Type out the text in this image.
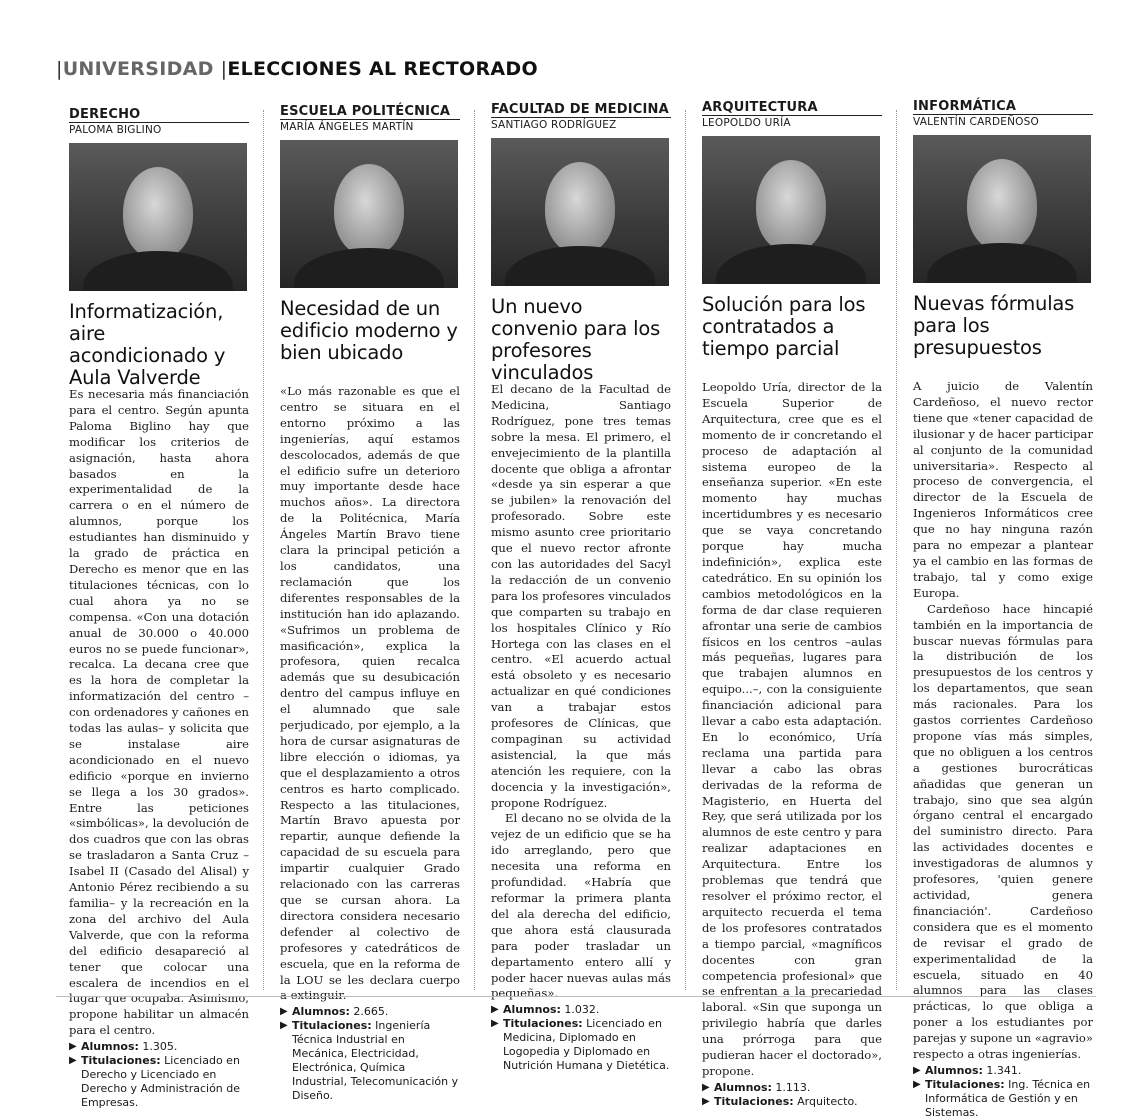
|UNIVERSIDAD |ELECCIONES AL RECTORADO
DERECHO
PALOMA BIGLINO
Informatización, aire acondicionado y Aula Valverde

Es necesaria más financiación para el centro. Según apunta Paloma Biglino hay que modificar los criterios de asignación, hasta ahora basados en la experimentalidad de la carrera o en el número de alumnos, porque los estudiantes han disminuido y la grado de práctica en Derecho es menor que en las titulaciones técnicas, con lo cual ahora ya no se compensa. «Con una dotación anual de 30.000 o 40.000 euros no se puede funcionar», recalca. La decana cree que es la hora de completar la informatización del centro –con ordenadores y cañones en todas las aulas– y solicita que se instalase aire acondicionado en el nuevo edificio «porque en invierno se llega a los 30 grados». Entre las peticiones «simbólicas», la devolución de dos cuadros que con las obras se trasladaron a Santa Cruz –Isabel II (Casado del Alisal) y Antonio Pérez recibiendo a su familia– y la recreación en la zona del archivo del Aula Valverde, que con la reforma del edificio desapareció al tener que colocar una escalera de incendios en el lugar que ocupaba. Asimismo, propone habilitar un almacén para el centro.

▶ Alumnos: 1.305.
▶ Titulaciones: Licenciado en Derecho y Licenciado en Derecho y Administración de Empresas.
ESCUELA POLITÉCNICA
MARÍA ÁNGELES MARTÍN
Necesidad de un edificio moderno y bien ubicado

«Lo más razonable es que el centro se situara en el entorno próximo a las ingenierías, aquí estamos descolocados, además de que el edificio sufre un deterioro muy importante desde hace muchos años». La directora de la Politécnica, María Ángeles Martín Bravo tiene clara la principal petición a los candidatos, una reclamación que los diferentes responsables de la institución han ido aplazando. «Sufrimos un problema de masificación», explica la profesora, quien recalca además que su desubicación dentro del campus influye en el alumnado que sale perjudicado, por ejemplo, a la hora de cursar asignaturas de libre elección o idiomas, ya que el desplazamiento a otros centros es harto complicado. Respecto a las titulaciones, Martín Bravo apuesta por repartir, aunque defiende la capacidad de su escuela para impartir cualquier Grado relacionado con las carreras que se cursan ahora. La directora considera necesario defender al colectivo de profesores y catedráticos de escuela, que en la reforma de la LOU se les declara cuerpo a extinguir.

▶ Alumnos: 2.665.
▶ Titulaciones: Ingeniería Técnica Industrial en Mecánica, Electricidad, Electrónica, Química Industrial, Telecomunicación y Diseño.
FACULTAD DE MEDICINA
SANTIAGO RODRÍGUEZ
Un nuevo convenio para los profesores vinculados

El decano de la Facultad de Medicina, Santiago Rodríguez, pone tres temas sobre la mesa. El primero, el envejecimiento de la plantilla docente que obliga a afrontar «desde ya sin esperar a que se jubilen» la renovación del profesorado. Sobre este mismo asunto cree prioritario que el nuevo rector afronte con las autoridades del Sacyl la redacción de un convenio para los profesores vinculados que comparten su trabajo en los hospitales Clínico y Río Hortega con las clases en el centro. «El acuerdo actual está obsoleto y es necesario actualizar en qué condiciones van a trabajar estos profesores de Clínicas, que compaginan su actividad asistencial, la que más atención les requiere, con la docencia y la investigación», propone Rodríguez.

El decano no se olvida de la vejez de un edificio que se ha ido arreglando, pero que necesita una reforma en profundidad. «Habría que reformar la primera planta del ala derecha del edificio, que ahora está clausurada para poder trasladar un departamento entero allí y poder hacer nuevas aulas más pequeñas».

▶ Alumnos: 1.032.
▶ Titulaciones: Licenciado en Medicina, Diplomado en Logopedia y Diplomado en Nutrición Humana y Dietética.
ARQUITECTURA
LEOPOLDO URÍA
Solución para los contratados a tiempo parcial

Leopoldo Uría, director de la Escuela Superior de Arquitectura, cree que es el momento de ir concretando el proceso de adaptación al sistema europeo de la enseñanza superior. «En este momento hay muchas incertidumbres y es necesario que se vaya concretando porque hay mucha indefinición», explica este catedrático. En su opinión los cambios metodológicos en la forma de dar clase requieren afrontar una serie de cambios físicos en los centros –aulas más pequeñas, lugares para que trabajen alumnos en equipo...–, con la consiguiente financiación adicional para llevar a cabo esta adaptación. En lo económico, Uría reclama una partida para llevar a cabo las obras derivadas de la reforma de Magisterio, en Huerta del Rey, que será utilizada por los alumnos de este centro y para realizar adaptaciones en Arquitectura. Entre los problemas que tendrá que resolver el próximo rector, el arquitecto recuerda el tema de los profesores contratados a tiempo parcial, «magníficos docentes con gran competencia profesional» que se enfrentan a la precariedad laboral. «Sin que suponga un privilegio habría que darles una prórroga para que pudieran hacer el doctorado», propone.

▶ Alumnos: 1.113.
▶ Titulaciones: Arquitecto.
INFORMÁTICA
VALENTÍN CARDEÑOSO
Nuevas fórmulas para los presupuestos

A juicio de Valentín Cardeñoso, el nuevo rector tiene que «tener capacidad de ilusionar y de hacer participar al conjunto de la comunidad universitaria». Respecto al proceso de convergencia, el director de la Escuela de Ingenieros Informáticos cree que no hay ninguna razón para no empezar a plantear ya el cambio en las formas de trabajo, tal y como exige Europa.

Cardeñoso hace hincapié también en la importancia de buscar nuevas fórmulas para la distribución de los presupuestos de los centros y los departamentos, que sean más racionales. Para los gastos corrientes Cardeñoso propone vías más simples, que no obliguen a los centros a gestiones burocráticas añadidas que generan un trabajo, sino que sea algún órgano central el encargado del suministro directo. Para las actividades docentes e investigadoras de alumnos y profesores, 'quien genere actividad, genera financiación'. Cardeñoso considera que es el momento de revisar el grado de experimentalidad de la escuela, situado en 40 alumnos para las clases prácticas, lo que obliga a poner a los estudiantes por parejas y supone un «agravio» respecto a otras ingenierías.

▶ Alumnos: 1.341.
▶ Titulaciones: Ing. Técnica en Informática de Gestión y en Sistemas.
